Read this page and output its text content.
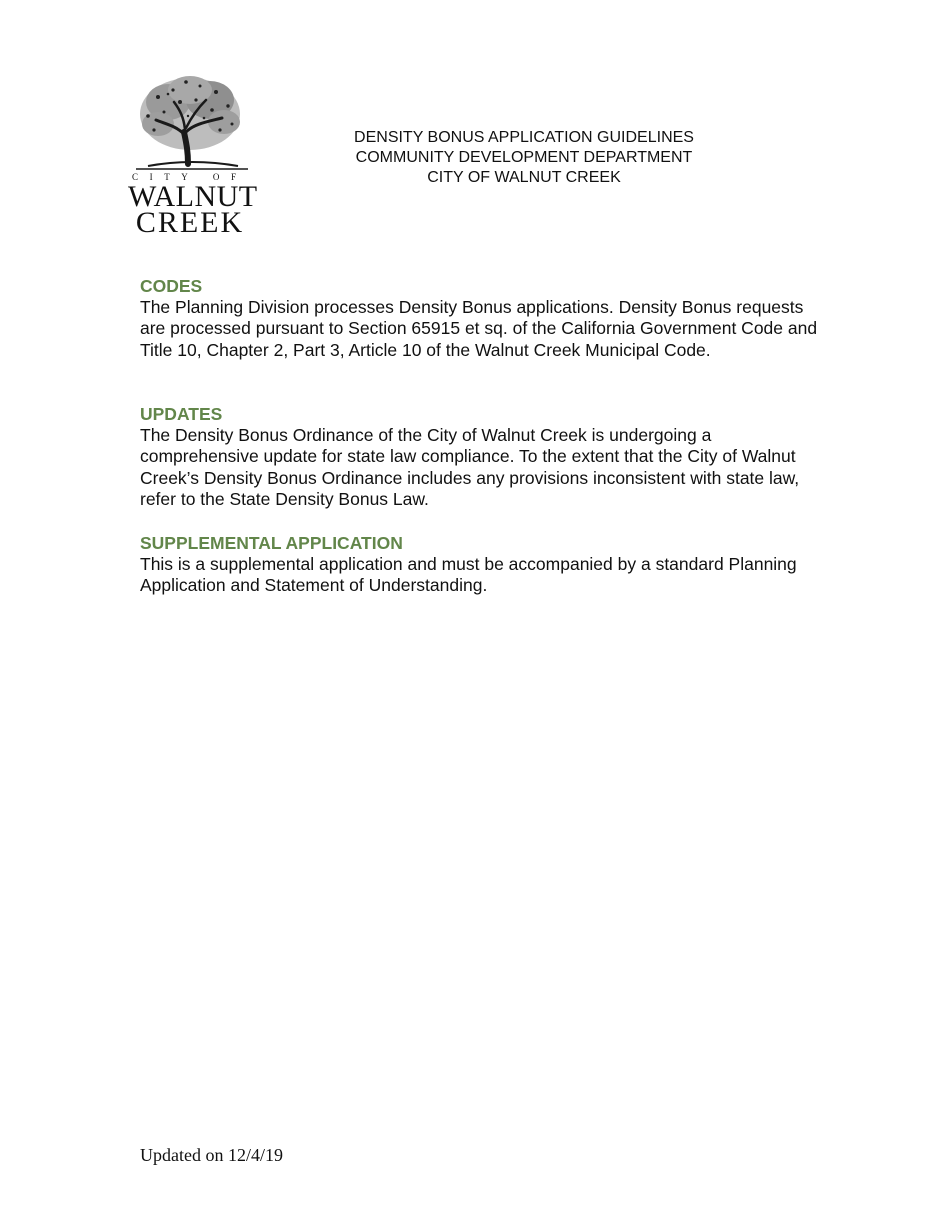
CITY OF
WALNUT
CREEK
DENSITY BONUS APPLICATION GUIDELINES
COMMUNITY DEVELOPMENT DEPARTMENT
CITY OF WALNUT CREEK
CODES

The Planning Division processes Density Bonus applications. Density Bonus requests are processed pursuant to Section 65915 et sq. of the California Government Code and Title 10, Chapter 2, Part 3, Article 10 of the Walnut Creek Municipal Code.

UPDATES

The Density Bonus Ordinance of the City of Walnut Creek is undergoing a comprehensive update for state law compliance. To the extent that the City of Walnut Creek’s Density Bonus Ordinance includes any provisions inconsistent with state law, refer to the State Density Bonus Law.

SUPPLEMENTAL APPLICATION

This is a supplemental application and must be accompanied by a standard Planning Application and Statement of Understanding.

Updated on 12/4/19
